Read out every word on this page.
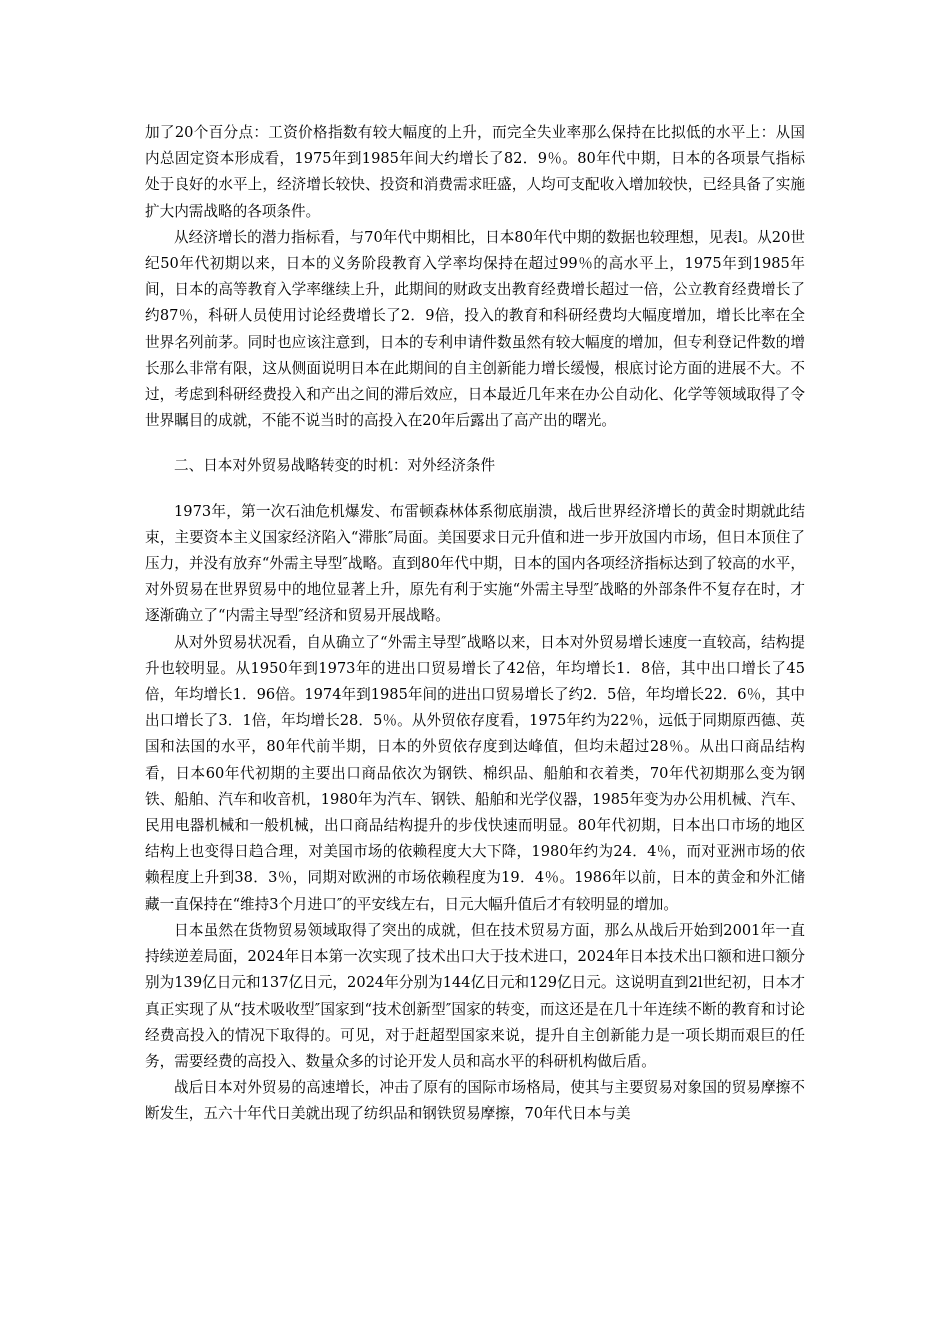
加了20个百分点：工资价格指数有较大幅度的上升，而完全失业率那么保持在比拟低的水平上：从国内总固定资本形成看，1975年到1985年间大约增长了82．9％。80年代中期，日本的各项景气指标处于良好的水平上，经济增长较快、投资和消费需求旺盛，人均可支配收入增加较快，已经具备了实施扩大内需战略的各项条件。

从经济增长的潜力指标看，与70年代中期相比，日本80年代中期的数据也较理想，见表l。从20世纪50年代初期以来，日本的义务阶段教育入学率均保持在超过99％的高水平上，1975年到1985年间，日本的高等教育入学率继续上升，此期间的财政支出教育经费增长超过一倍，公立教育经费增长了约87％，科研人员使用讨论经费增长了2．9倍，投入的教育和科研经费均大幅度增加，增长比率在全世界名列前茅。同时也应该注意到，日本的专利申请件数虽然有较大幅度的增加，但专利登记件数的增长那么非常有限，这从侧面说明日本在此期间的自主创新能力增长缓慢，根底讨论方面的进展不大。不过，考虑到科研经费投入和产出之间的滞后效应，日本最近几年来在办公自动化、化学等领域取得了令世界瞩目的成就，不能不说当时的高投入在20年后露出了高产出的曙光。

二、日本对外贸易战略转变的时机：对外经济条件

1973年，第一次石油危机爆发、布雷顿森林体系彻底崩溃，战后世界经济增长的黄金时期就此结束，主要资本主义国家经济陷入“滞胀″局面。美国要求日元升值和进一步开放国内市场，但日本顶住了压力，并没有放弃“外需主导型″战略。直到80年代中期，日本的国内各项经济指标达到了较高的水平，对外贸易在世界贸易中的地位显著上升，原先有利于实施“外需主导型″战略的外部条件不复存在时，才逐渐确立了“内需主导型″经济和贸易开展战略。

从对外贸易状况看，自从确立了“外需主导型″战略以来，日本对外贸易增长速度一直较高，结构提升也较明显。从1950年到1973年的进出口贸易增长了42倍，年均增长1．8倍，其中出口增长了45倍，年均增长1．96倍。1974年到1985年间的进出口贸易增长了约2．5倍，年均增长22．6％，其中出口增长了3．1倍，年均增长28．5％。从外贸依存度看，1975年约为22％，远低于同期原西德、英国和法国的水平，80年代前半期，日本的外贸依存度到达峰值，但均未超过28％。从出口商品结构看，日本60年代初期的主要出口商品依次为钢铁、棉织品、船舶和衣着类，70年代初期那么变为钢铁、船舶、汽车和收音机，1980年为汽车、钢铁、船舶和光学仪器，1985年变为办公用机械、汽车、民用电器机械和一般机械，出口商品结构提升的步伐快速而明显。80年代初期，日本出口市场的地区结构上也变得日趋合理，对美国市场的依赖程度大大下降，1980年约为24．4％，而对亚洲市场的依赖程度上升到38．3％，同期对欧洲的市场依赖程度为19．4％。1986年以前，日本的黄金和外汇储藏一直保持在“维持3个月进口″的平安线左右，日元大幅升值后才有较明显的增加。

日本虽然在货物贸易领域取得了突出的成就，但在技术贸易方面，那么从战后开始到2001年一直持续逆差局面，2024年日本第一次实现了技术出口大于技术进口，2024年日本技术出口额和进口额分别为139亿日元和137亿日元，2024年分别为144亿日元和129亿日元。这说明直到2l世纪初，日本才真正实现了从“技术吸收型″国家到“技术创新型″国家的转变，而这还是在几十年连续不断的教育和讨论经费高投入的情况下取得的。可见，对于赶超型国家来说，提升自主创新能力是一项长期而艰巨的任务，需要经费的高投入、数量众多的讨论开发人员和高水平的科研机构做后盾。

战后日本对外贸易的高速增长，冲击了原有的国际市场格局，使其与主要贸易对象国的贸易摩擦不断发生，五六十年代日美就出现了纺织品和钢铁贸易摩擦，70年代日本与美
